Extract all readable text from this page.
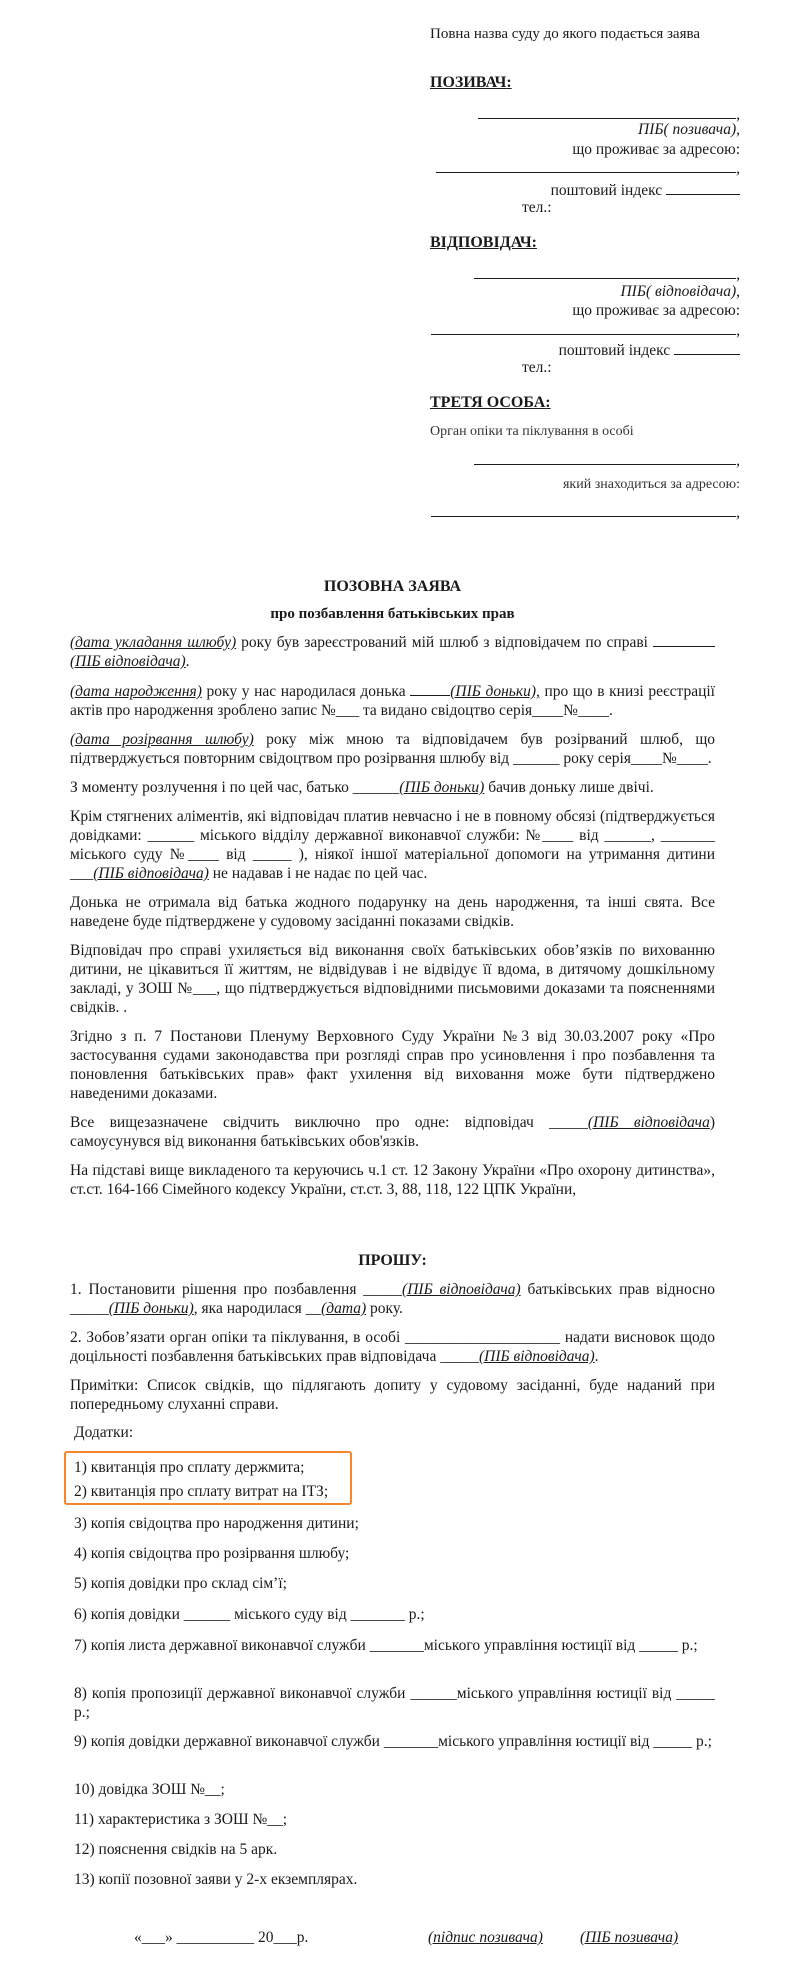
Повна назва суду до якого подається заява
ПОЗИВАЧ:
,
ПІБ( позивача),
що проживає за адресою:
,
поштовий індекс
тел.:
ВІДПОВІДАЧ:
,
ПІБ( відповідача),
що проживає за адресою:
,
поштовий індекс
тел.:
ТРЕТЯ ОСОБА:
Орган опіки та піклування в особі
,
який знаходиться за адресою:
,
ПОЗОВНА ЗАЯВА
про позбавлення батьківських прав

(дата укладання шлюбу) року був зареєстрований мій шлюб з відповідачем по справі (ПІБ відповідача).

(дата народження) року у нас народилася донька	(ПІБ доньки), про що в книзі реєстрації актів про народження зроблено запис №___ та видано свідоцтво серія____№____.

(дата розірвання шлюбу) року між мною та відповідачем був розірваний шлюб, що підтверджується повторним свідоцтвом про розірвання шлюбу від ______ року серія____№____.

З моменту розлучення і по цей час, батько ______(ПІБ доньки) бачив доньку лише двічі.

Крім стягнених аліментів, які відповідач платив невчасно і не в повному обсязі (підтверджується довідками: ______ міського відділу державної виконавчої служби: №____ від ______, _______ міського суду №____ від _____ ), ніякої іншої матеріальної допомоги на утримання дитини ___(ПІБ відповідача) не надавав і не надає по цей час.

Донька не отримала від батька жодного подарунку на день народження, та інші свята. Все наведене буде підтверджене у судовому засіданні показами свідків.

Відповідач про справі ухиляється від виконання своїх батьківських обов’язків по вихованню дитини, не цікавиться її життям, не відвідував і не відвідує її вдома, в дитячому дошкільному закладі, у ЗОШ №___, що підтверджується відповідними письмовими доказами та поясненнями свідків. .

Згідно з п. 7 Постанови Пленуму Верховного Суду України №3 від 30.03.2007 року «Про застосування судами законодавства при розгляді справ про усиновлення і про позбавлення та поновлення батьківських прав» факт ухилення від виховання може бути підтверджено наведеними доказами.

Все вищезазначене свідчить виключно про одне: відповідач _____(ПІБ відповідача) самоусунувся від виконання батьківських обов'язків.

На підставі вище викладеного та керуючись ч.1 ст. 12 Закону України «Про охорону дитинства», ст.ст. 164-166 Сімейного кодексу України, ст.ст. 3, 88, 118, 122 ЦПК України,

ПРОШУ:

1. Постановити рішення про позбавлення _____(ПІБ відповідача) батьківських прав відносно _____(ПІБ доньки), яка народилася __(дата) року.

2. Зобов’язати орган опіки та піклування, в особі ____________________ надати висновок щодо доцільності позбавлення батьківських прав відповідача _____(ПІБ відповідача).

Примітки: Список свідків, що підлягають допиту у судовому засіданні, буде наданий при попередньому слуханні справи.

Додатки:
1) квитанція про сплату держмита;
2) квитанція про сплату витрат на ІТЗ;
3) копія свідоцтва про народження дитини;
4) копія свідоцтва про розірвання шлюбу;
5) копія довідки про склад сім’ї;
6) копія довідки ______ міського суду від _______ р.;
7) копія листа державної виконавчої служби _______міського управління юстиції від _____ р.;
8) копія пропозиції державної виконавчої служби ______міського управління юстиції від _____ р.;
9) копія довідки державної виконавчої служби _______міського управління юстиції від _____ р.;
10) довідка ЗОШ №__;
11) характеристика з ЗОШ №__;
12) пояснення свідків на 5 арк.
13) копії позовної заяви у 2-х екземплярах.
«___» __________ 20___р.	(підпис позивача) (ПІБ позивача)
